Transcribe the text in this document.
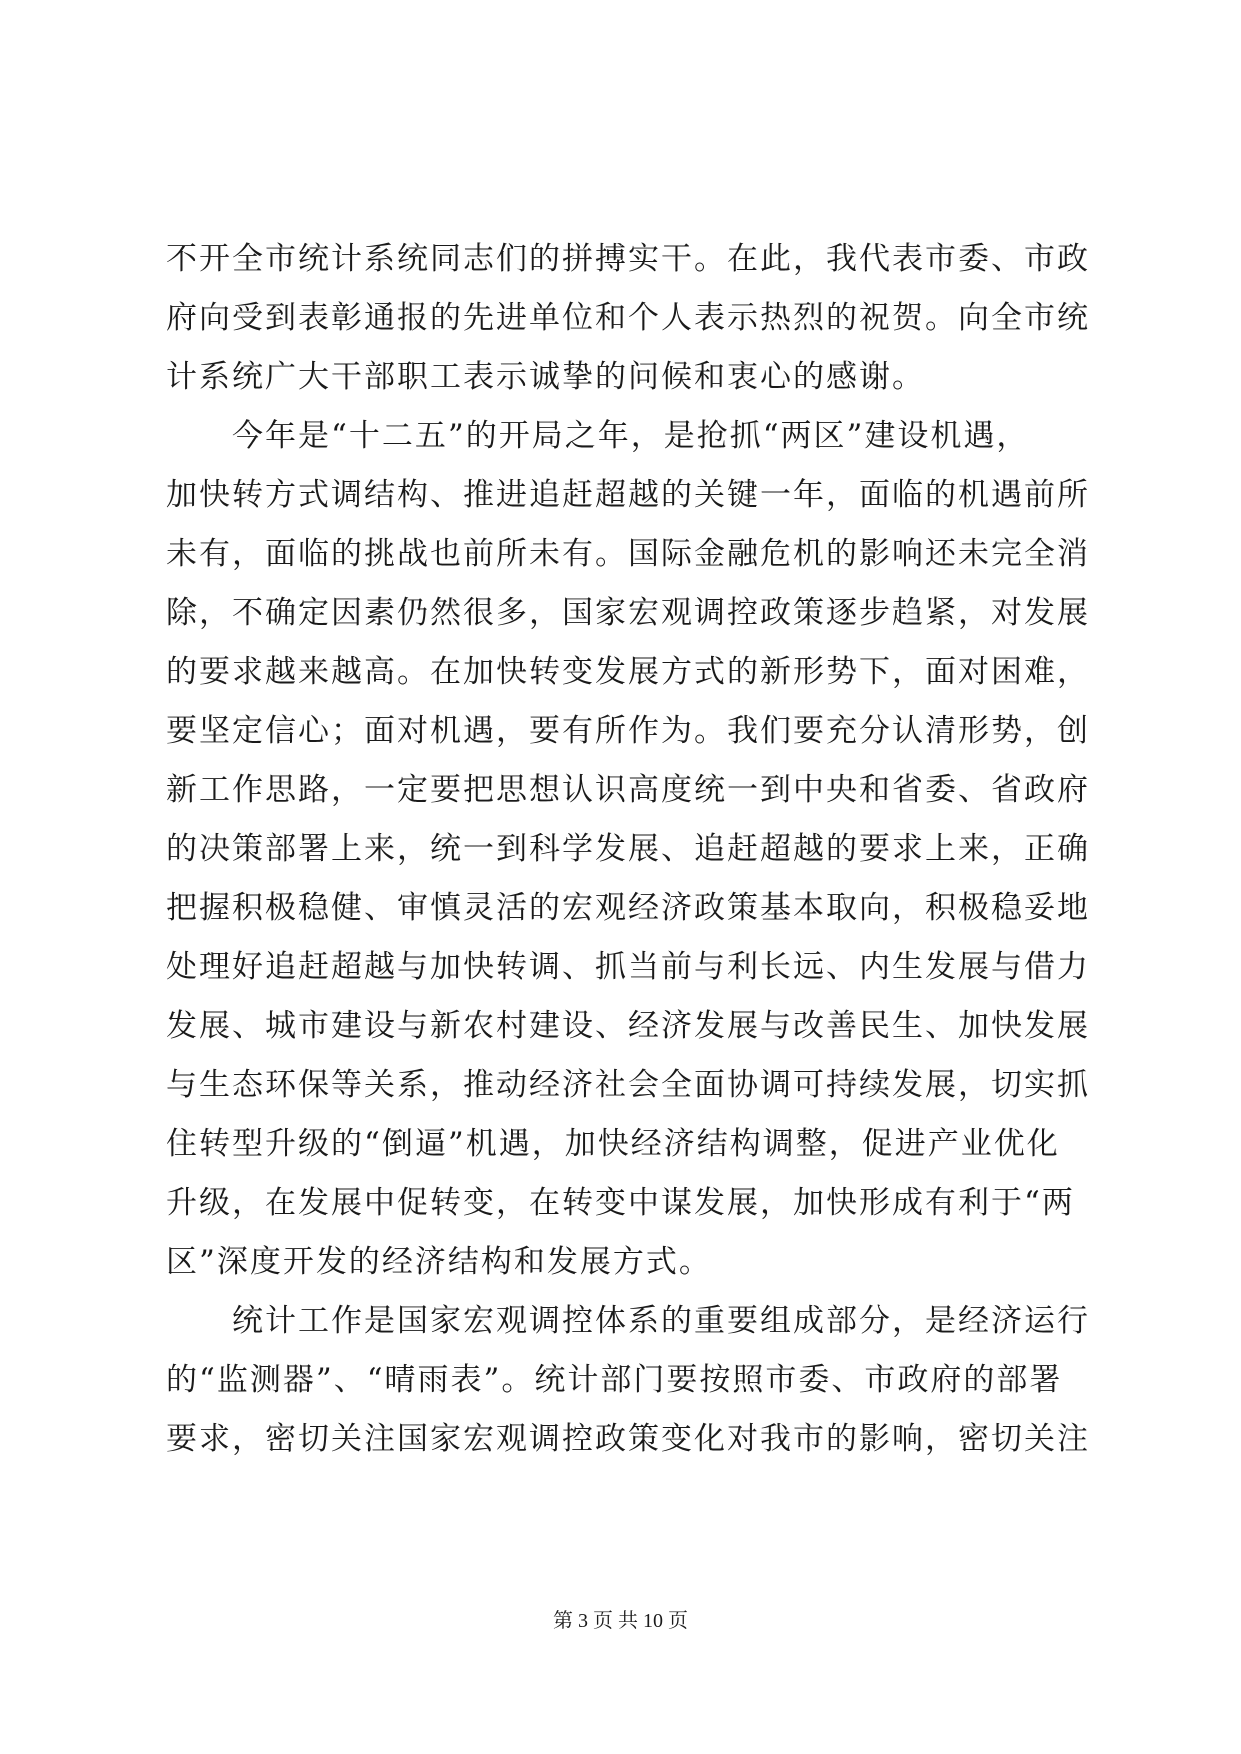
不开全市统计系统同志们的拼搏实干。在此，我代表市委、市政
府向受到表彰通报的先进单位和个人表示热烈的祝贺。向全市统
计系统广大干部职工表示诚挚的问候和衷心的感谢。
　　今年是“十二五”的开局之年，是抢抓“两区”建设机遇，
加快转方式调结构、推进追赶超越的关键一年，面临的机遇前所
未有，面临的挑战也前所未有。国际金融危机的影响还未完全消
除，不确定因素仍然很多，国家宏观调控政策逐步趋紧，对发展
的要求越来越高。在加快转变发展方式的新形势下，面对困难，
要坚定信心；面对机遇，要有所作为。我们要充分认清形势，创
新工作思路，一定要把思想认识高度统一到中央和省委、省政府
的决策部署上来，统一到科学发展、追赶超越的要求上来，正确
把握积极稳健、审慎灵活的宏观经济政策基本取向，积极稳妥地
处理好追赶超越与加快转调、抓当前与利长远、内生发展与借力
发展、城市建设与新农村建设、经济发展与改善民生、加快发展
与生态环保等关系，推动经济社会全面协调可持续发展，切实抓
住转型升级的“倒逼”机遇，加快经济结构调整，促进产业优化
升级，在发展中促转变，在转变中谋发展，加快形成有利于“两
区”深度开发的经济结构和发展方式。
　　统计工作是国家宏观调控体系的重要组成部分，是经济运行
的“监测器”、“晴雨表”。统计部门要按照市委、市政府的部署
要求，密切关注国家宏观调控政策变化对我市的影响，密切关注
第 3 页 共 10 页
